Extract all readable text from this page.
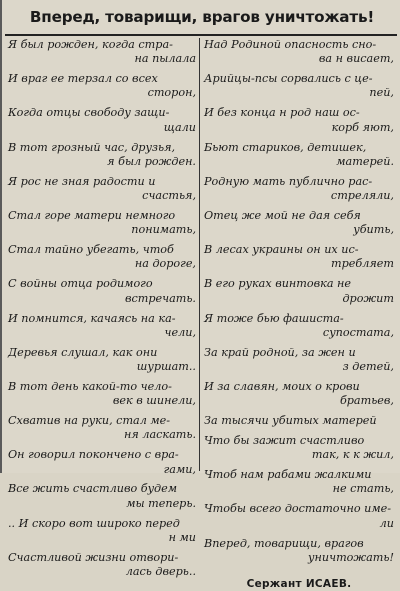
Вперед, товарищи, врагов уничтожать!
Я был рожден, когда стра-
на пылала
И враг ее терзал со всех
сторон,
Когда отцы свободу защи-
щали
В тот грозный час, друзья,
я был рожден.
Я рос не зная радости и
счастья,
Стал горе матери немного
понимать,
Стал тайно убегать, чтоб
на дороге,
С войны отца родимого
встречать.
И помнится, качаясь на ка-
чели,
Деревья слушал, как они
шуршат..
В тот день какой-то чело-
век в шинели,
Схватив на руки, стал ме-
ня ласкать.
Он говорил покончено с вра-
гами,
Все жить счастливо будем
мы теперь.
.. И скоро вот широко перед
н ми
Счастливой жизни отвори-
лась дверь..
Над Родиной опасность сно-
ва н висает,
Арийцы-псы сорвались с це-
пей,
И без конца н род наш ос-
корб яют,
Бьют стариков, детишек,
матерей.
Родную мать публично рас-
стреляли,
Отец же мой не дая себя
убить,
В лесах украины он их ис-
требляет
В его руках винтовка не
дрожит
Я тоже бью фашиста-
супостата,
За край родной, за жен и
з детей,
И за славян, моих о крови
братьев,
За тысячи убитых матерей
Что бы зажит счастливо
так, к к жил,
Чтоб нам рабами жалкими
не стать,
Чтобы всего достаточно име-
ли
Вперед, товарищи, врагов
уничтожать!
Сержант ИСАЕВ.
